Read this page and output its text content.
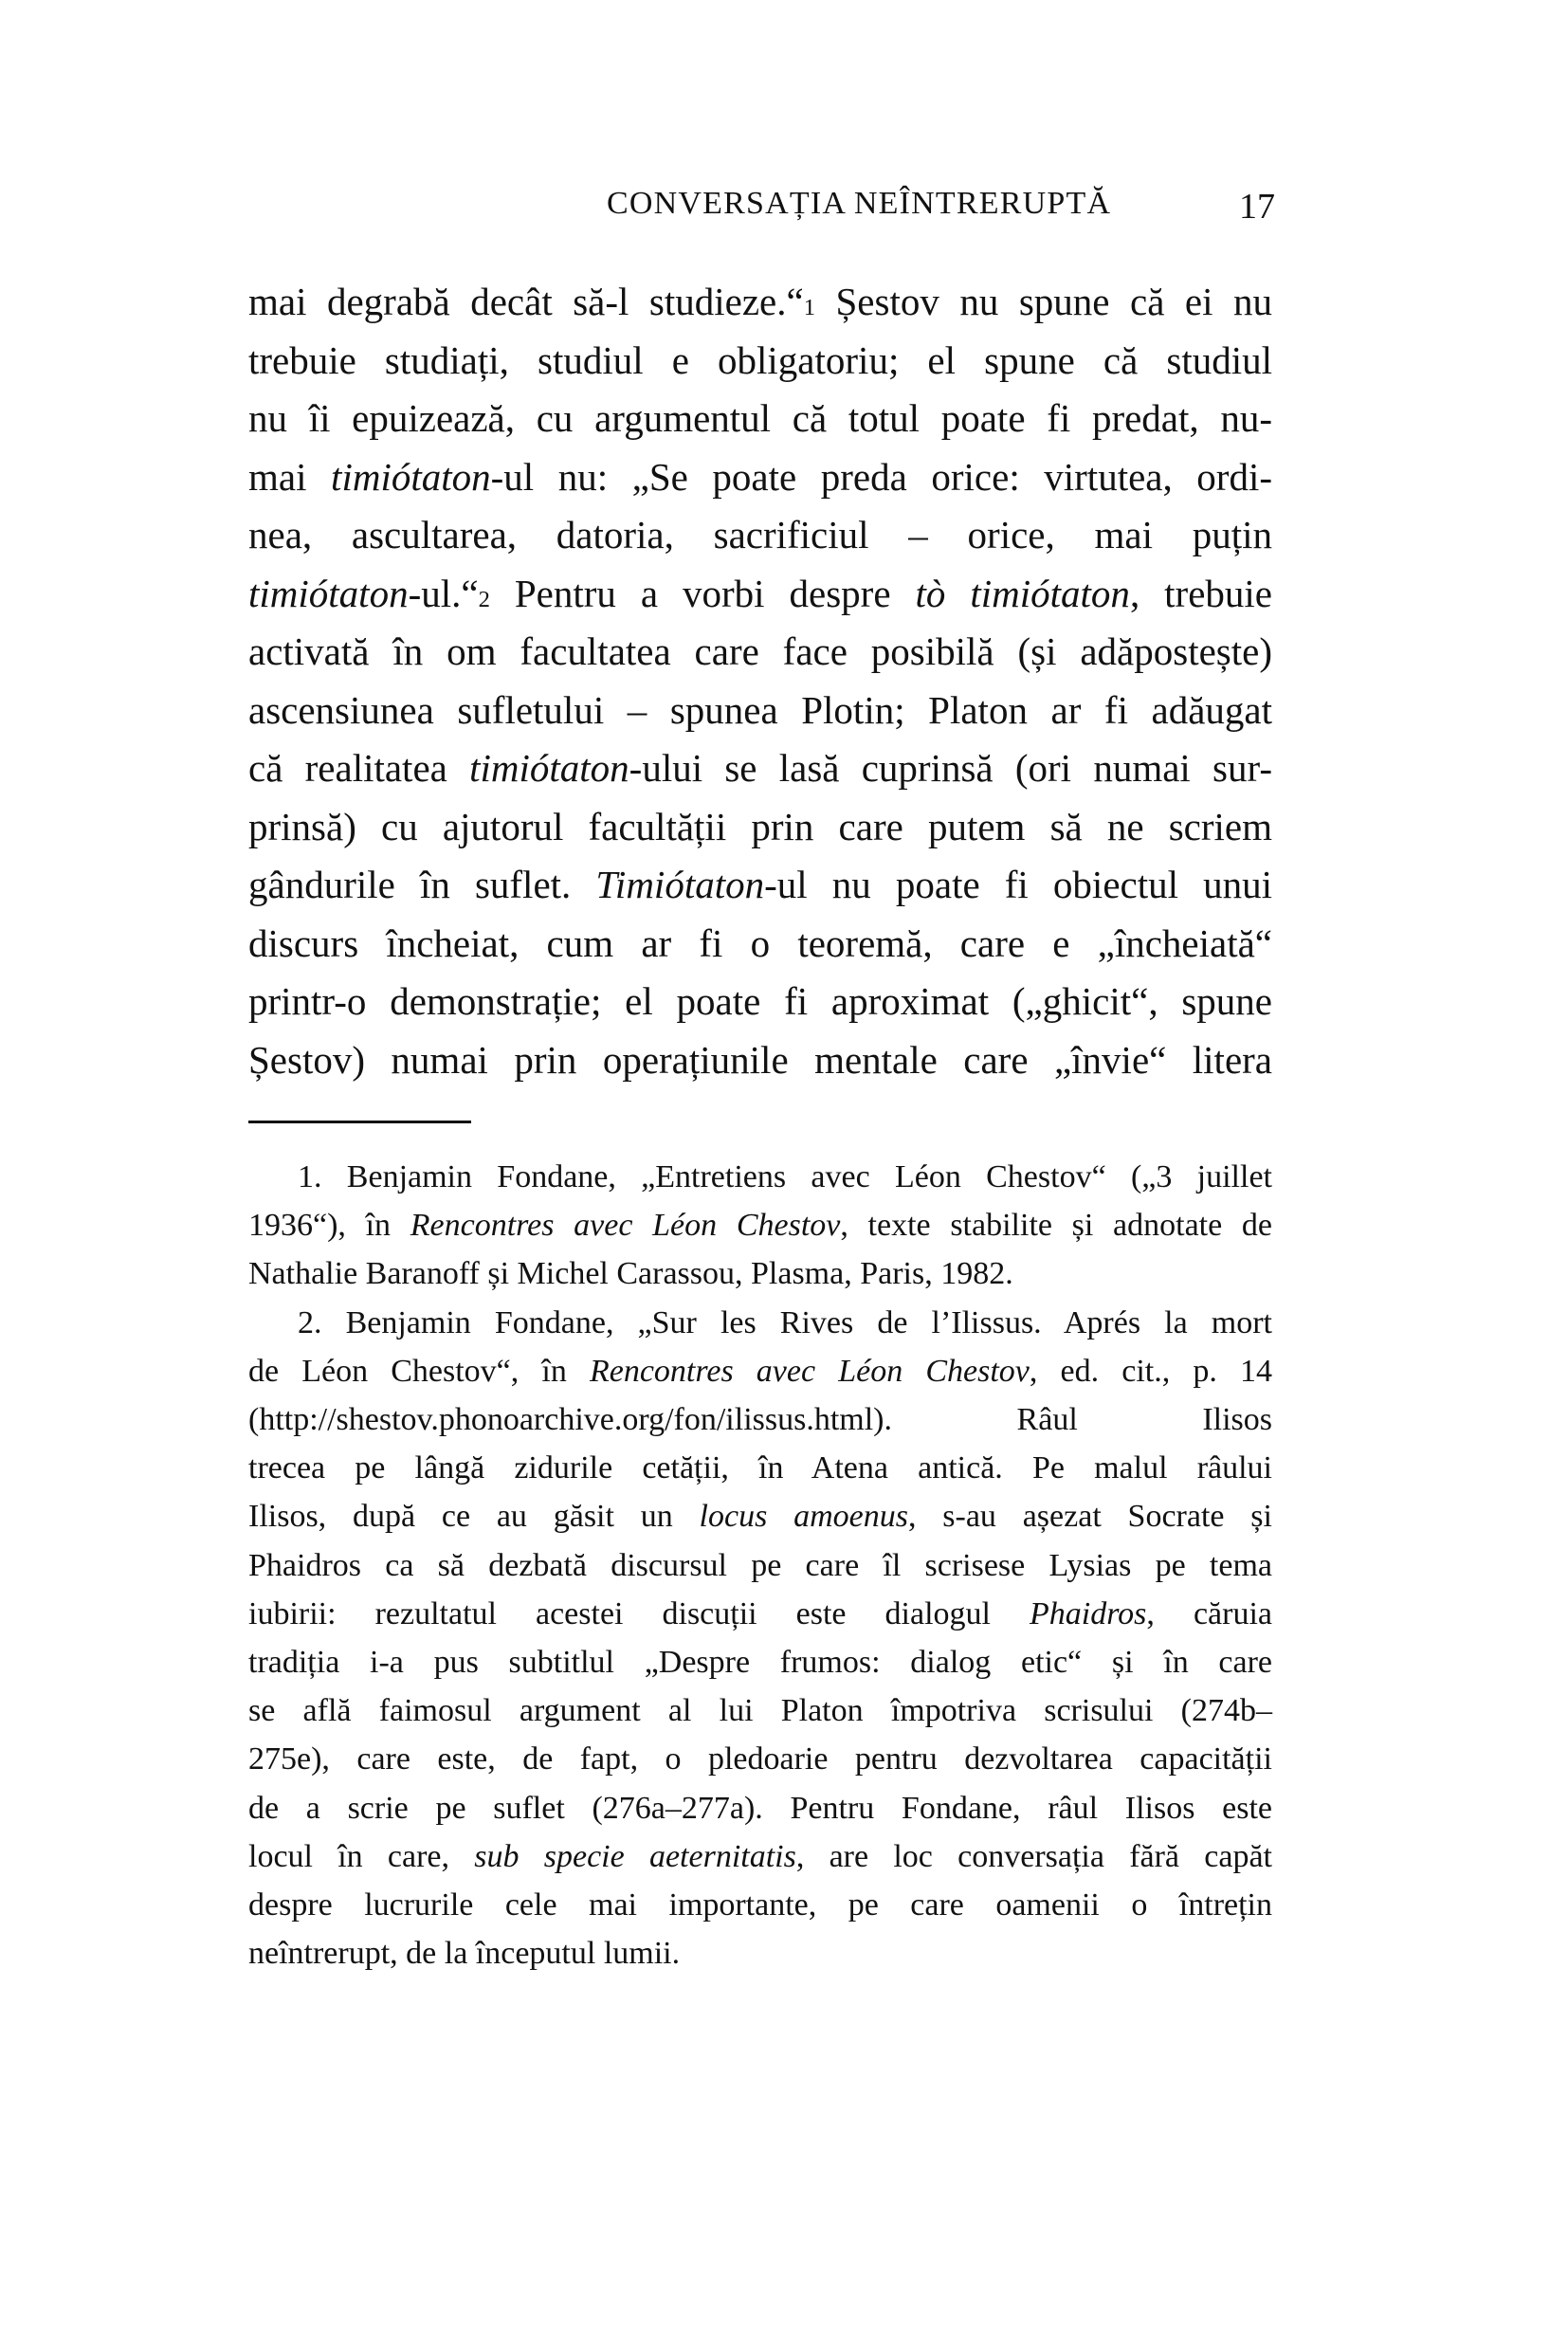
CONVERSAȚIA NEÎNTRERUPTĂ	17
mai degrabă decât să-l studieze.“$^1$ Șestov nu spune că ei nu
trebuie studiați, studiul e obligatoriu; el spune că studiul
nu îi epuizează, cu argumentul că totul poate fi predat, nu-
mai timiótaton-ul nu: „Se poate preda orice: virtutea, ordi-
nea, ascultarea, datoria, sacrificiul – orice, mai puțin
timiótaton-ul.“$^2$ Pentru a vorbi despre tò timiótaton, trebuie
activată în om facultatea care face posibilă (și adăpostește)
ascensiunea sufletului – spunea Plotin; Platon ar fi adăugat
că realitatea timiótaton-ului se lasă cuprinsă (ori numai sur-
prinsă) cu ajutorul facultății prin care putem să ne scriem
gândurile în suflet. Timiótaton-ul nu poate fi obiectul unui
discurs încheiat, cum ar fi o teoremă, care e „încheiată“
printr-o demonstrație; el poate fi aproximat („ghicit“, spune
Șestov) numai prin operațiunile mentale care „învie“ litera
1. Benjamin Fondane, „Entretiens avec Léon Chestov“ („3 juillet
1936“), în Rencontres avec Léon Chestov, texte stabilite și adnotate de
Nathalie Baranoff și Michel Carassou, Plasma, Paris, 1982.
2. Benjamin Fondane, „Sur les Rives de l’Ilissus. Aprés la mort
de Léon Chestov“, în Rencontres avec Léon Chestov, ed. cit., p. 14
(http://shestov.phonoarchive.org/fon/ilissus.html). Râul Ilisos
trecea pe lângă zidurile cetății, în Atena antică. Pe malul râului
Ilisos, după ce au găsit un locus amoenus, s-au așezat Socrate și
Phaidros ca să dezbată discursul pe care îl scrisese Lysias pe tema
iubirii: rezultatul acestei discuții este dialogul Phaidros, căruia
tradiția i-a pus subtitlul „Despre frumos: dialog etic“ și în care
se află faimosul argument al lui Platon împotriva scrisului (274b–
275e), care este, de fapt, o pledoarie pentru dezvoltarea capacității
de a scrie pe suflet (276a–277a). Pentru Fondane, râul Ilisos este
locul în care, sub specie aeternitatis, are loc conversația fără capăt
despre lucrurile cele mai importante, pe care oamenii o întrețin
neîntrerupt, de la începutul lumii.
